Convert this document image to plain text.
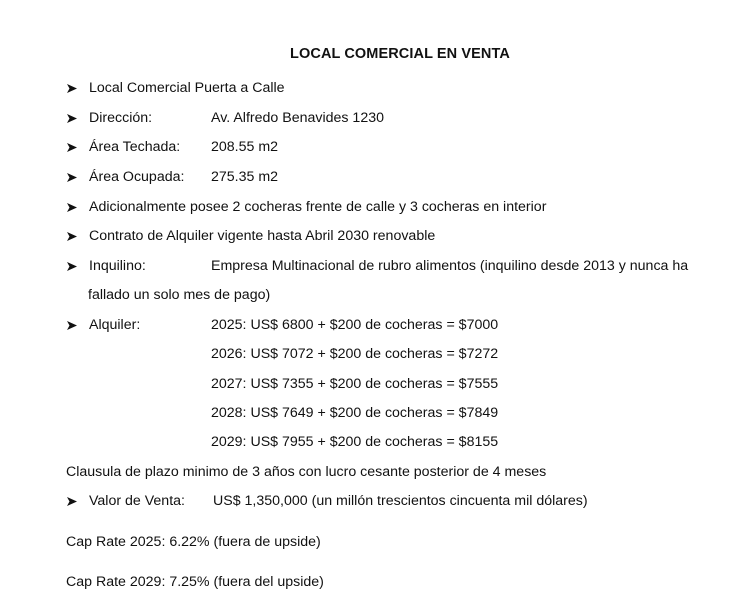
LOCAL COMERCIAL EN VENTA
Local Comercial Puerta a Calle
Dirección:	Av. Alfredo Benavides 1230
Área Techada: 208.55 m2
Área Ocupada: 275.35 m2
Adicionalmente posee 2 cocheras frente de calle y 3 cocheras en interior
Contrato de Alquiler vigente hasta Abril 2030 renovable
Inquilino:	Empresa Multinacional de rubro alimentos (inquilino desde 2013 y nunca ha
fallado un solo mes de pago)
Alquiler:	2025: US$ 6800 + $200 de cocheras = $7000
2026: US$ 7072 + $200 de cocheras = $7272
2027: US$ 7355 + $200 de cocheras = $7555
2028: US$ 7649 + $200 de cocheras = $7849
2029: US$ 7955 + $200 de cocheras = $8155
Clausula de plazo minimo de 3 años con lucro cesante posterior de 4 meses
Valor de Venta: US$ 1,350,000 (un millón trescientos cincuenta mil dólares)
Cap Rate 2025: 6.22% (fuera de upside)
Cap Rate 2029: 7.25% (fuera del upside)
